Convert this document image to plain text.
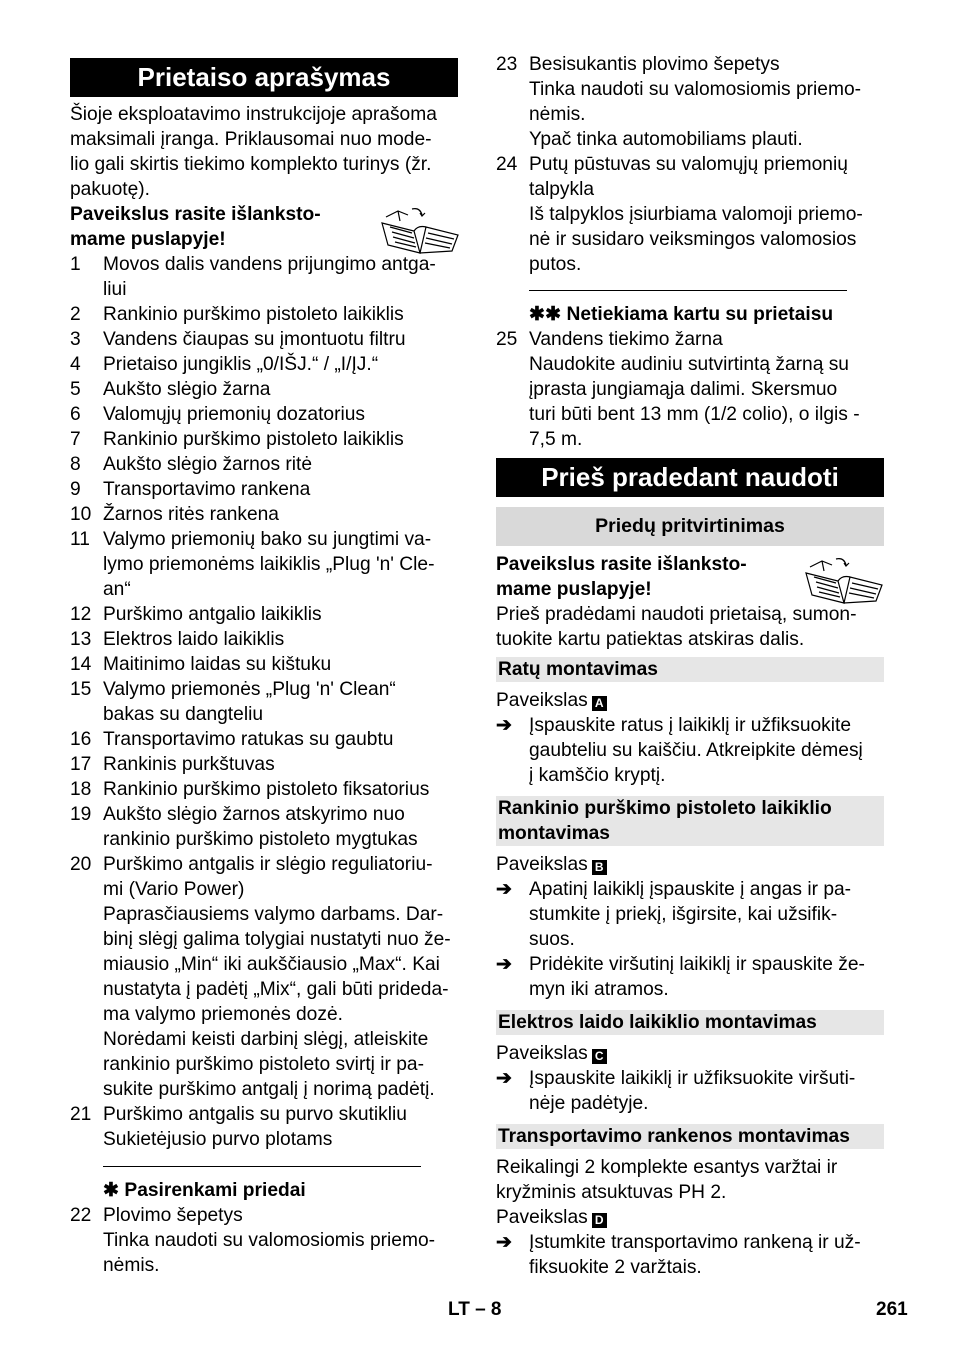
Prietaiso aprašymas
Šioje eksploatavimo instrukcijoje aprašoma
maksimali įranga. Priklausomai nuo mode-
lio gali skirtis tiekimo komplekto turinys (žr.
pakuotę).
Paveikslus rasite išlanksto-
mame puslapyje!
1	Movos dalis vandens prijungimo antga-
liui
2	Rankinio purškimo pistoleto laikiklis
3	Vandens čiaupas su įmontuotu filtru
4	Prietaiso jungiklis „0/IŠJ.“ / „I/ĮJ.“
5	Aukšto slėgio žarna
6	Valomųjų priemonių dozatorius
7	Rankinio purškimo pistoleto laikiklis
8	Aukšto slėgio žarnos ritė
9	Transportavimo rankena
10 Žarnos ritės rankena
11 Valymo priemonių bako su jungtimi va-
lymo priemonėms laikiklis „Plug 'n' Cle-
an“
12 Purškimo antgalio laikiklis
13 Elektros laido laikiklis
14 Maitinimo laidas su kištuku
15 Valymo priemonės „Plug 'n' Clean“
bakas su dangteliu
16 Transportavimo ratukas su gaubtu
17 Rankinis purkštuvas
18 Rankinio purškimo pistoleto fiksatorius
19 Aukšto slėgio žarnos atskyrimo nuo
rankinio purškimo pistoleto mygtukas
20 Purškimo antgalis ir slėgio reguliatoriu-
mi (Vario Power)
Paprasčiausiems valymo darbams. Dar-
binį slėgį galima tolygiai nustatyti nuo že-
miausio „Min“ iki aukščiausio „Max“. Kai
nustatyta į padėtį „Mix“, gali būti prideda-
ma valymo priemonės dozė.
Norėdami keisti darbinį slėgį, atleiskite
rankinio purškimo pistoleto svirtį ir pa-
sukite purškimo antgalį į norimą padėtį.
21 Purškimo antgalis su purvo skutikliu
Sukietėjusio purvo plotams
✱ Pasirenkami priedai
22 Plovimo šepetys
Tinka naudoti su valomosiomis priemo-
nėmis.
23 Besisukantis plovimo šepetys
Tinka naudoti su valomosiomis priemo-
nėmis.
Ypač tinka automobiliams plauti.
24 Putų pūstuvas su valomųjų priemonių
talpykla
Iš talpyklos įsiurbiama valomoji priemo-
nė ir susidaro veiksmingos valomosios
putos.
✱✱ Netiekiama kartu su prietaisu
25 Vandens tiekimo žarna
Naudokite audiniu sutvirtintą žarną su
įprasta jungiamąja dalimi. Skersmuo
turi būti bent 13 mm (1/2 colio), o ilgis -
7,5 m.
Prieš pradedant naudoti
Priedų pritvirtinimas
Paveikslus rasite išlanksto-
mame puslapyje!
Prieš pradėdami naudoti prietaisą, sumon-
tuokite kartu patiektas atskiras dalis.
Ratų montavimas
Paveikslas A
➔ Įspauskite ratus į laikiklį ir užfiksuokite
gaubteliu su kaiščiu. Atkreipkite dėmesį
į kamščio kryptį.
Rankinio purškimo pistoleto laikiklio
montavimas
Paveikslas B
➔ Apatinį laikiklį įspauskite į angas ir pa-
stumkite į priekį, išgirsite, kai užsifik-
suos.
➔ Pridėkite viršutinį laikiklį ir spauskite že-
myn iki atramos.
Elektros laido laikiklio montavimas
Paveikslas C
➔ Įspauskite laikiklį ir užfiksuokite viršuti-
nėje padėtyje.
Transportavimo rankenos montavimas
Reikalingi 2 komplekte esantys varžtai ir
kryžminis atsuktuvas PH 2.
Paveikslas D
➔ Įstumkite transportavimo rankeną ir už-
fiksuokite 2 varžtais.
LT – 8	261
